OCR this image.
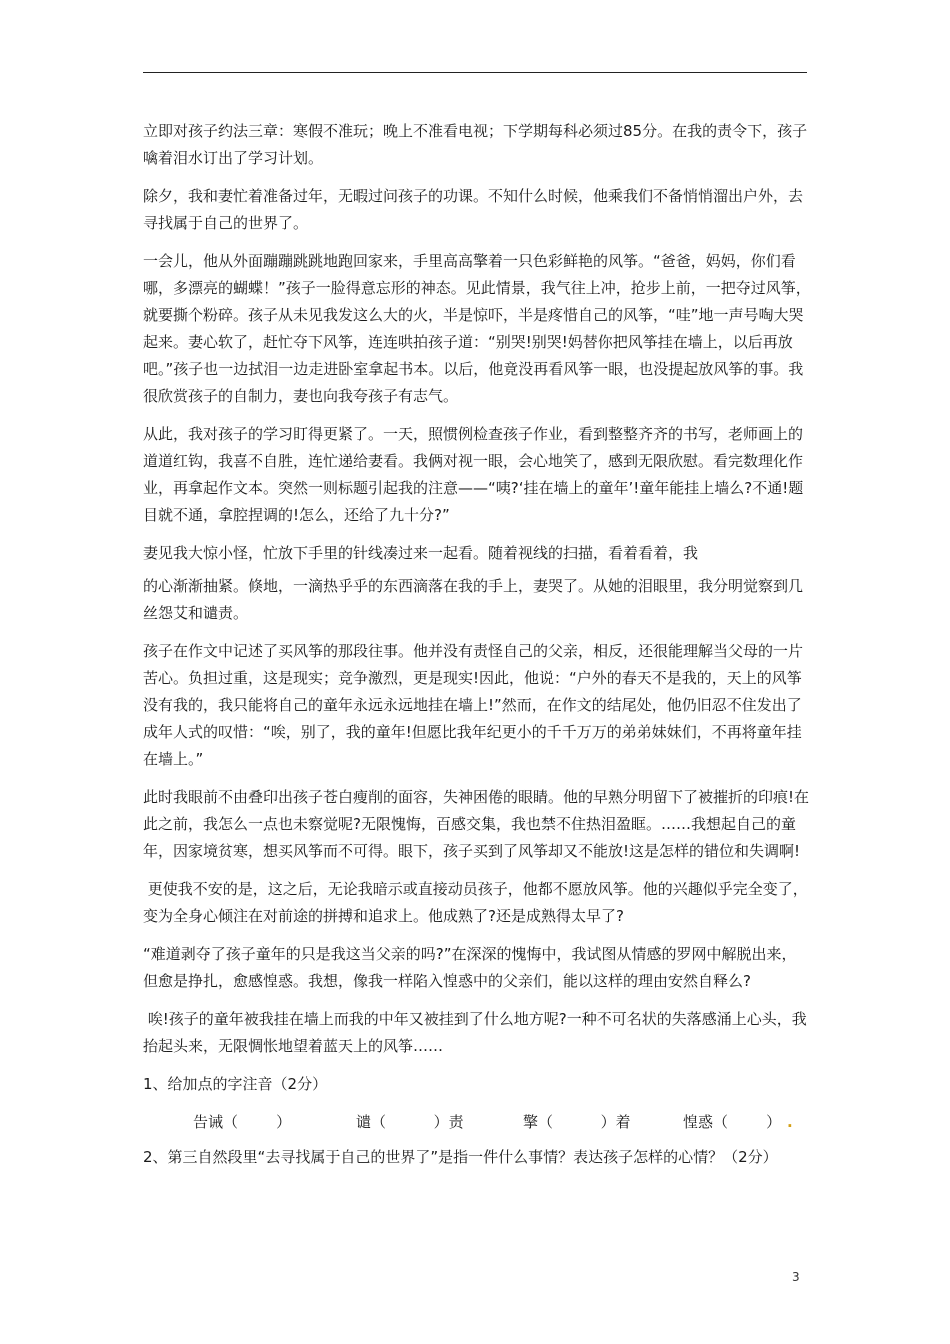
立即对孩子约法三章：寒假不准玩；晚上不准看电视；下学期每科必须过85分。在我的责令下，孩子噙着泪水订出了学习计划。

除夕，我和妻忙着准备过年，无暇过问孩子的功课。不知什么时候，他乘我们不备悄悄溜出户外，去寻找属于自己的世界了。

一会儿，他从外面蹦蹦跳跳地跑回家来，手里高高擎着一只色彩鲜艳的风筝。“爸爸，妈妈，你们看哪，多漂亮的蝴蝶！”孩子一脸得意忘形的神态。见此情景，我气往上冲，抢步上前，一把夺过风筝，就要撕个粉碎。孩子从未见我发这么大的火，半是惊吓，半是疼惜自己的风筝，“哇”地一声号啕大哭起来。妻心软了，赶忙夺下风筝，连连哄拍孩子道：“别哭!别哭!妈替你把风筝挂在墙上，以后再放吧。”孩子也一边拭泪一边走进卧室拿起书本。以后，他竟没再看风筝一眼，也没提起放风筝的事。我很欣赏孩子的自制力，妻也向我夸孩子有志气。

从此，我对孩子的学习盯得更紧了。一天，照惯例检查孩子作业，看到整整齐齐的书写，老师画上的道道红钩，我喜不自胜，连忙递给妻看。我俩对视一眼，会心地笑了，感到无限欣慰。看完数理化作业，再拿起作文本。突然一则标题引起我的注意——“咦?‘挂在墙上的童年’!童年能挂上墙么?不通!题目就不通，拿腔捏调的!怎么，还给了九十分?”

妻见我大惊小怪，忙放下手里的针线凑过来一起看。随着视线的扫描，看着看着，我

的心渐渐抽紧。倏地，一滴热乎乎的东西滴落在我的手上，妻哭了。从她的泪眼里，我分明觉察到几丝怨艾和谴责。

孩子在作文中记述了买风筝的那段往事。他并没有责怪自己的父亲，相反，还很能理解当父母的一片苦心。负担过重，这是现实；竞争激烈，更是现实!因此，他说：“户外的春天不是我的，天上的风筝没有我的，我只能将自己的童年永远永远地挂在墙上!”然而，在作文的结尾处，他仍旧忍不住发出了成年人式的叹惜：“唉，别了，我的童年!但愿比我年纪更小的千千万万的弟弟妹妹们，不再将童年挂在墙上。”

此时我眼前不由叠印出孩子苍白瘦削的面容，失神困倦的眼睛。他的早熟分明留下了被摧折的印痕!在此之前，我怎么一点也未察觉呢?无限愧悔，百感交集，我也禁不住热泪盈眶。……我想起自己的童年，因家境贫寒，想买风筝而不可得。眼下，孩子买到了风筝却又不能放!这是怎样的错位和失调啊!

更使我不安的是，这之后，无论我暗示或直接动员孩子，他都不愿放风筝。他的兴趣似乎完全变了，变为全身心倾注在对前途的拼搏和追求上。他成熟了?还是成熟得太早了?

“难道剥夺了孩子童年的只是我这当父亲的吗?”在深深的愧悔中，我试图从情感的罗网中解脱出来，但愈是挣扎，愈感惶惑。我想，像我一样陷入惶惑中的父亲们，能以这样的理由安然自释么?

唉!孩子的童年被我挂在墙上而我的中年又被挂到了什么地方呢?一种不可名状的失落感涌上心头，我抬起头来，无限惆怅地望着蓝天上的风筝……

1、给加点的字注音（2分）

告诫（        ）	谴（          ）责	擎（          ）着	惶惑（        ） .

2、第三自然段里“去寻找属于自己的世界了”是指一件什么事情？表达孩子怎样的心情？（2分）

3
